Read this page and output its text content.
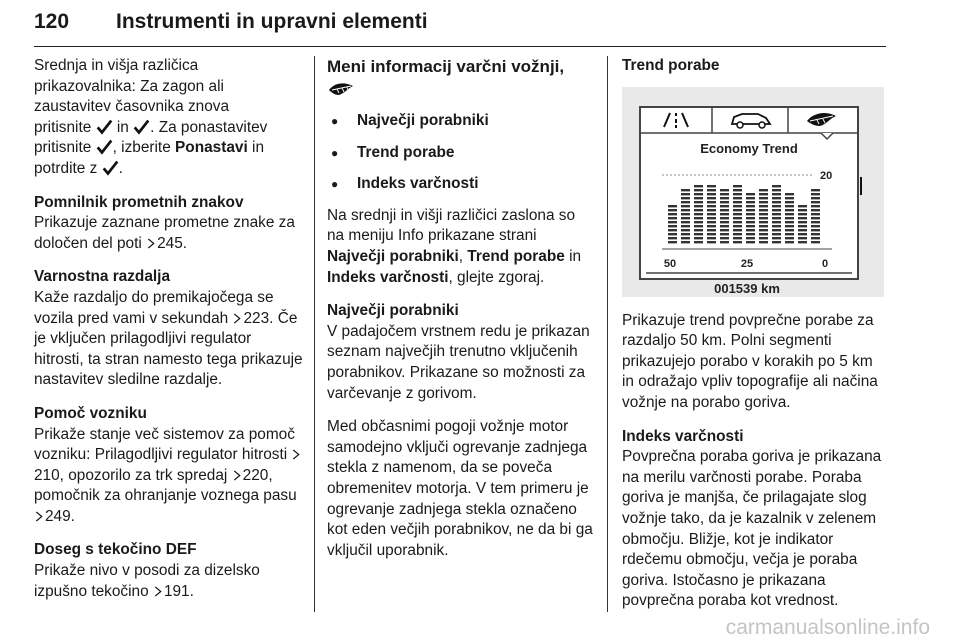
120 Instrumenti in upravni elementi

Srednja in višja različica
prikazovalnika: Za zagon ali
zaustavitev časovnika znova
pritisnite in . Za ponastavitev
pritisnite , izberite Ponastavi in
potrdite z .

Pomnilnik prometnih znakov
Prikazuje zaznane prometne znake za določen del poti 245.

Varnostna razdalja
Kaže razdaljo do premikajočega se vozila pred vami v sekundah 223. Če je vključen prilagodljivi regulator hitrosti, ta stran namesto tega prikazuje nastavitev sledilne razdalje.

Pomoč vozniku
Prikaže stanje več sistemov za pomoč vozniku: Prilagodljivi regulator hitrosti 210, opozorilo za trk spredaj 220, pomočnik za ohranjanje voznega pasu 249.

Doseg s tekočino DEF
Prikaže nivo v posodi za dizelsko izpušno tekočino 191.

Meni informacij varčni vožnji,
● Največji porabniki
● Trend porabe
● Indeks varčnosti

Na srednji in višji različici zaslona so na meniju Info prikazane strani Največji porabniki, Trend porabe in Indeks varčnosti, glejte zgoraj.

Največji porabniki
V padajočem vrstnem redu je prikazan seznam največjih trenutno vključenih porabnikov. Prikazane so možnosti za varčevanje z gorivom.

Med občasnimi pogoji vožnje motor samodejno vključi ogrevanje zadnjega stekla z namenom, da se poveča obremenitev motorja. V tem primeru je ogrevanje zadnjega stekla označeno kot eden večjih porabnikov, ne da bi ga vključil uporabnik.

Trend porabe
Economy Trend
20
50	25	0
001539 km

Prikazuje trend povprečne porabe za razdaljo 50 km. Polni segmenti prikazujejo porabo v korakih po 5 km in odražajo vpliv topografije ali načina vožnje na porabo goriva.

Indeks varčnosti
Povprečna poraba goriva je prikazana na merilu varčnosti porabe. Poraba goriva je manjša, če prilagajate slog vožnje tako, da je kazalnik v zelenem območju. Bližje, kot je indikator rdečemu območju, večja je poraba goriva. Istočasno je prikazana povprečna poraba kot vrednost.

carmanualsonline.info
